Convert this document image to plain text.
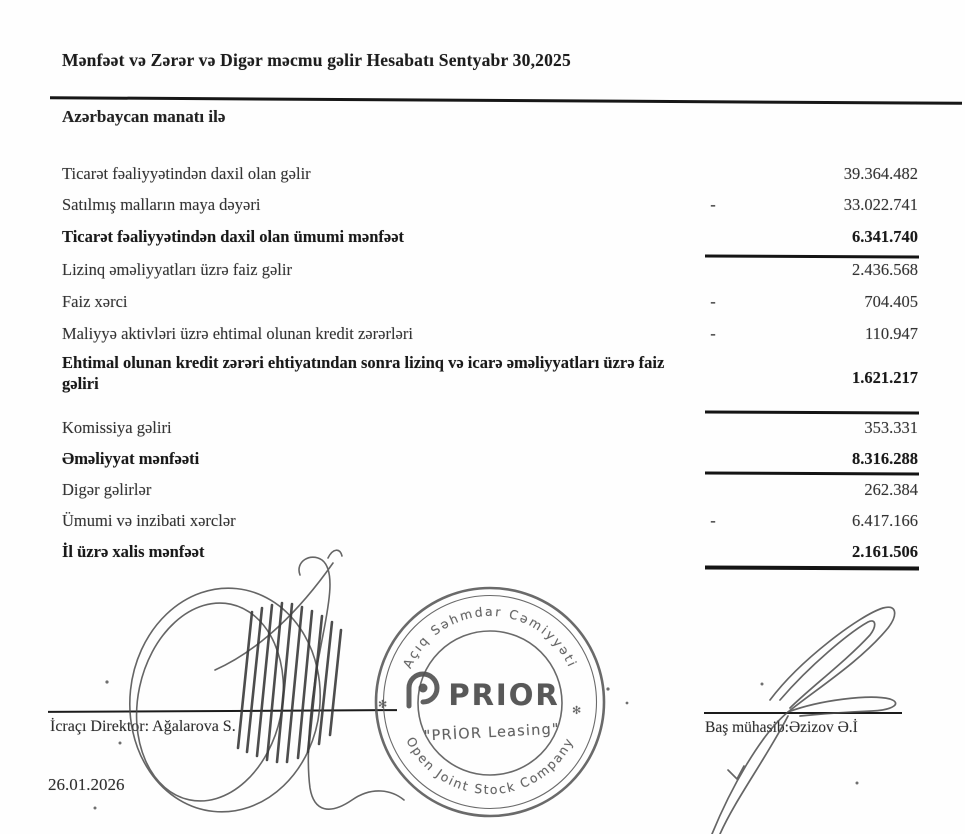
Mənfəət və Zərər və Digər məcmu gəlir Hesabatı Sentyabr 30,2025
Azərbaycan manatı ilə
Ticarət fəaliyyətindən daxil olan gəlir	39.364.482
Satılmış malların maya dəyəri	-	33.022.741
Ticarət fəaliyyətindən daxil olan ümumi mənfəət	6.341.740
Lizinq əməliyyatları üzrə faiz gəlir	2.436.568
Faiz xərci	-	704.405
Maliyyə aktivləri üzrə ehtimal olunan kredit zərərləri	-	110.947
Ehtimal olunan kredit zərəri ehtiyatından sonra lizinq və icarə əməliyyatları üzrə faiz gəliri	1.621.217
Komissiya gəliri	353.331
Əməliyyat mənfəəti	8.316.288
Digər gəlirlər	262.384
Ümumi və inzibati xərclər	-	6.417.166
İl üzrə xalis mənfəət	2.161.506
İcraçı Direktor: Ağalarova S.
26.01.2026
Baş mühasib:Əzizov Ə.İ
Açıq Səhmdar Cəmiyyəti
Open Joint Stock Company
PRIOR
"PRİOR Leasing"
✻	✻
